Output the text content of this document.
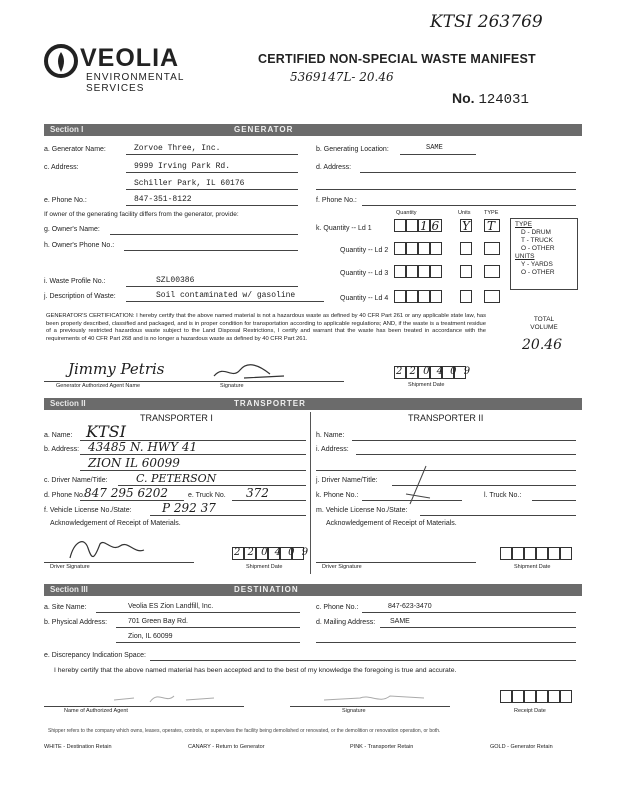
KTSI 263769
VEOLIA
ENVIRONMENTAL SERVICES
CERTIFIED NON-SPECIAL WASTE MANIFEST
5369147L- 20.46
No. 124031
Section I	GENERATOR
a. Generator Name:	Zorvoe Three, Inc.	b. Generating Location:	SAME
c. Address:	9999 Irving Park Rd.
Schiller Park, IL 60176
d. Address:
e. Phone No.:	847-351-8122	f. Phone No.:
If owner of the generating facility differs from the generator, provide:
g. Owner's Name:
h. Owner's Phone No.:
Quantity	Units TYPE
k. Quantity -- Ld 1	1 6 Y T
Quantity -- Ld 2
Quantity -- Ld 3
Quantity -- Ld 4
TYPE
D - DRUM
T - TRUCK
O - OTHER
UNITS
Y - YARDS
O - OTHER
i. Waste Profile No.:	SZL00386
j. Description of Waste:	Soil contaminated w/ gasoline
GENERATOR'S CERTIFICATION: I hereby certify that the above named material is not a hazardous waste as defined by 40 CFR Part 261 or any applicable state law, has been properly described, classified and packaged, and is in proper condition for transportation according to applicable regulations; AND, if the waste is a treatment residue of a previously restricted hazardous waste subject to the Land Disposal Restrictions, I certify and warrant that the waste has been treated in accordance with the requirements of 40 CFR Part 268 and is no longer a hazardous waste as defined by 40 CFR Part 261.
TOTAL VOLUME
20.46
Jimmy Petris
Generator Authorized Agent Name	Signature
2 2 0 4 0 9
Shipment Date
Section II	TRANSPORTER
TRANSPORTER I	TRANSPORTER II
a. Name: KTSI
b. Address: 43485 N. HWY 41
ZION IL 60099
c. Driver Name/Title:	C. PETERSON
d. Phone No.:
847 295 6202	e. Truck No. 372
f. Vehicle License No./State:	P 292 37
Acknowledgement of Receipt of Materials.
Driver Signature
2 2 0 4 0 9
Shipment Date
h. Name:
i. Address:
j. Driver Name/Title:
k. Phone No.:	l. Truck No.:
m. Vehicle License No./State:
Acknowledgement of Receipt of Materials.
Driver Signature	Shipment Date
Section III	DESTINATION
a. Site Name:	Veolia ES Zion Landfill, Inc.	c. Phone No.:	847-623-3470
b. Physical Address:	701 Green Bay Rd.
Zion, IL 60099
d. Mailing Address: SAME
e. Discrepancy Indication Space:
I hereby certify that the above named material has been accepted and to the best of my knowledge the foregoing is true and accurate.
Name of Authorized Agent	Signature	Receipt Date
Shipper refers to the company which owns, leases, operates, controls, or supervises the facility being demolished or renovated, or the demolition or renovation operation, or both.
WHITE - Destination Retain	CANARY - Return to Generator	PINK - Transporter Retain	GOLD - Generator Retain
